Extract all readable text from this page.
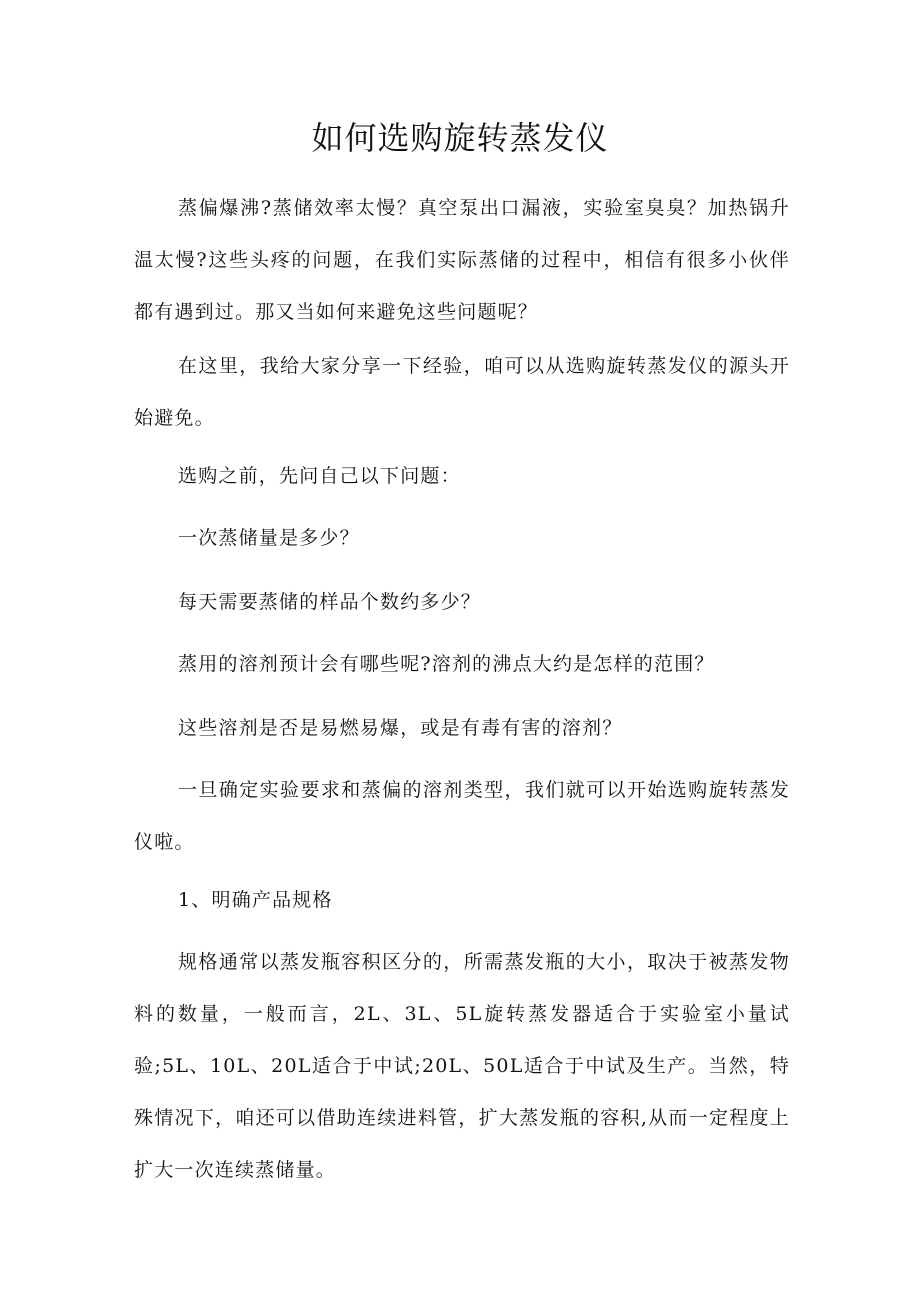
如何选购旋转蒸发仪

蒸偏爆沸?蒸储效率太慢？真空泵出口漏液，实验室臭臭？加热锅升温太慢?这些头疼的问题，在我们实际蒸储的过程中，相信有很多小伙伴都有遇到过。那又当如何来避免这些问题呢？

在这里，我给大家分享一下经验，咱可以从选购旋转蒸发仪的源头开始避免。

选购之前，先问自己以下问题：

一次蒸储量是多少？

每天需要蒸储的样品个数约多少？

蒸用的溶剂预计会有哪些呢?溶剂的沸点大约是怎样的范围？

这些溶剂是否是易燃易爆，或是有毒有害的溶剂？

一旦确定实验要求和蒸偏的溶剂类型，我们就可以开始选购旋转蒸发仪啦。

1、明确产品规格

规格通常以蒸发瓶容积区分的，所需蒸发瓶的大小，取决于被蒸发物料的数量，一般而言，2L、3L、5L旋转蒸发器适合于实验室小量试验;5L、10L、20L适合于中试;20L、50L适合于中试及生产。当然，特殊情况下，咱还可以借助连续进料管，扩大蒸发瓶的容积,从而一定程度上扩大一次连续蒸储量。
